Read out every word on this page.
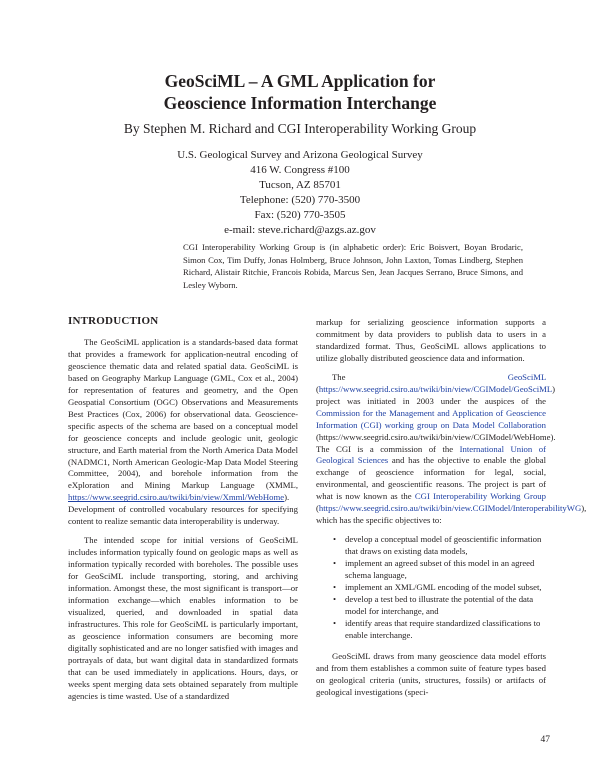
GeoSciML – A GML Application for
Geoscience Information Interchange
By Stephen M. Richard and CGI Interoperability Working Group
U.S. Geological Survey and Arizona Geological Survey
416 W. Congress #100
Tucson, AZ 85701
Telephone: (520) 770-3500
Fax: (520) 770-3505
e-mail: steve.richard@azgs.az.gov

CGI Interoperability Working Group is (in alphabetic order): Eric Boisvert, Boyan Brodaric, Simon Cox, Tim Duffy, Jonas Holmberg, Bruce Johnson, John Laxton, Tomas Lindberg, Stephen Richard, Alistair Ritchie, Francois Robida, Marcus Sen, Jean Jacques Serrano, Bruce Simons, and Lesley Wyborn.

INTRODUCTION

The GeoSciML application is a standards-based data format that provides a framework for application-neutral encoding of geoscience thematic data and related spatial data. GeoSciML is based on Geography Markup Language (GML, Cox et al., 2004) for representation of features and geometry, and the Open Geospatial Consortium (OGC) Observations and Measurements Best Practices (Cox, 2006) for observational data. Geoscience-specific aspects of the schema are based on a conceptual model for geoscience concepts and include geologic unit, geologic structure, and Earth material from the North America Data Model (NADMC1, North American Geologic-Map Data Model Steering Committee, 2004), and borehole information from the eXploration and Mining Markup Language (XMML, https://www.seegrid.csiro.au/twiki/bin/view/Xmml/WebHome). Development of controlled vocabulary resources for specifying content to realize semantic data interoperability is underway.

The intended scope for initial versions of GeoSciML includes information typically found on geologic maps as well as information typically recorded with boreholes. The possible uses for GeoSciML include transporting, storing, and archiving information. Amongst these, the most significant is transport—or information exchange—which enables information to be visualized, queried, and downloaded in spatial data infrastructures. This role for GeoSciML is particularly important, as geoscience information consumers are becoming more digitally sophisticated and are no longer satisfied with images and portrayals of data, but want digital data in standardized formats that can be used immediately in applications. Hours, days, or weeks spent merging data sets obtained separately from multiple agencies is time wasted. Use of a standardized

markup for serializing geoscience information supports a commitment by data providers to publish data to users in a standardized format. Thus, GeoSciML allows applications to utilize globally distributed geoscience data and information.

The GeoSciML (https://www.seegrid.csiro.au/twiki/bin/view/CGIModel/GeoSciML) project was initiated in 2003 under the auspices of the Commission for the Management and Application of Geoscience Information (CGI) working group on Data Model Collaboration (https://www.seegrid.csiro.au/twiki/bin/view/CGIModel/WebHome). The CGI is a commission of the International Union of Geological Sciences and has the objective to enable the global exchange of geoscience information for legal, social, environmental, and geoscientific reasons. The project is part of what is now known as the CGI Interoperability Working Group (https://www.seegrid.csiro.au/twiki/bin/view.CGIModel/InteroperabilityWG), which has the specific objectives to:

• develop a conceptual model of geoscientific information that draws on existing data models,
• implement an agreed subset of this model in an agreed schema language,
• implement an XML/GML encoding of the model subset,
• develop a test bed to illustrate the potential of the data model for interchange, and
• identify areas that require standardized classifications to enable interchange.

GeoSciML draws from many geoscience data model efforts and from them establishes a common suite of feature types based on geological criteria (units, structures, fossils) or artifacts of geological investigations (speci-

47
